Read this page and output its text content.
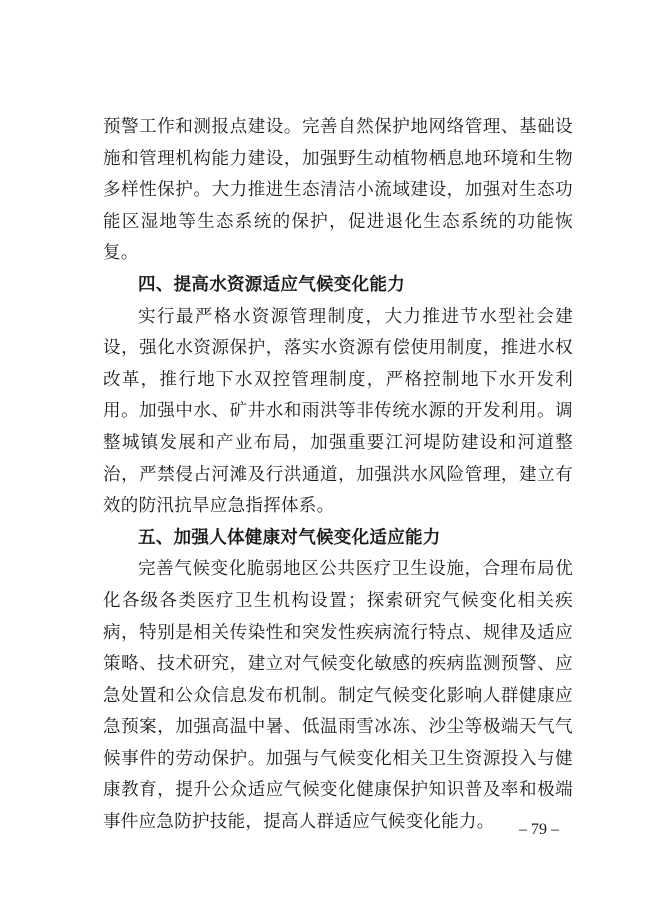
预警工作和测报点建设。完善自然保护地网络管理、基础设施和管理机构能力建设，加强野生动植物栖息地环境和生物多样性保护。大力推进生态清洁小流域建设，加强对生态功能区湿地等生态系统的保护，促进退化生态系统的功能恢复。

四、提高水资源适应气候变化能力

实行最严格水资源管理制度，大力推进节水型社会建设，强化水资源保护，落实水资源有偿使用制度，推进水权改革，推行地下水双控管理制度，严格控制地下水开发利用。加强中水、矿井水和雨洪等非传统水源的开发利用。调整城镇发展和产业布局，加强重要江河堤防建设和河道整治，严禁侵占河滩及行洪通道，加强洪水风险管理，建立有效的防汛抗旱应急指挥体系。

五、加强人体健康对气候变化适应能力

完善气候变化脆弱地区公共医疗卫生设施，合理布局优化各级各类医疗卫生机构设置；探索研究气候变化相关疾病，特别是相关传染性和突发性疾病流行特点、规律及适应策略、技术研究，建立对气候变化敏感的疾病监测预警、应急处置和公众信息发布机制。制定气候变化影响人群健康应急预案，加强高温中暑、低温雨雪冰冻、沙尘等极端天气气候事件的劳动保护。加强与气候变化相关卫生资源投入与健康教育，提升公众适应气候变化健康保护知识普及率和极端事件应急防护技能，提高人群适应气候变化能力。	– 79 –
